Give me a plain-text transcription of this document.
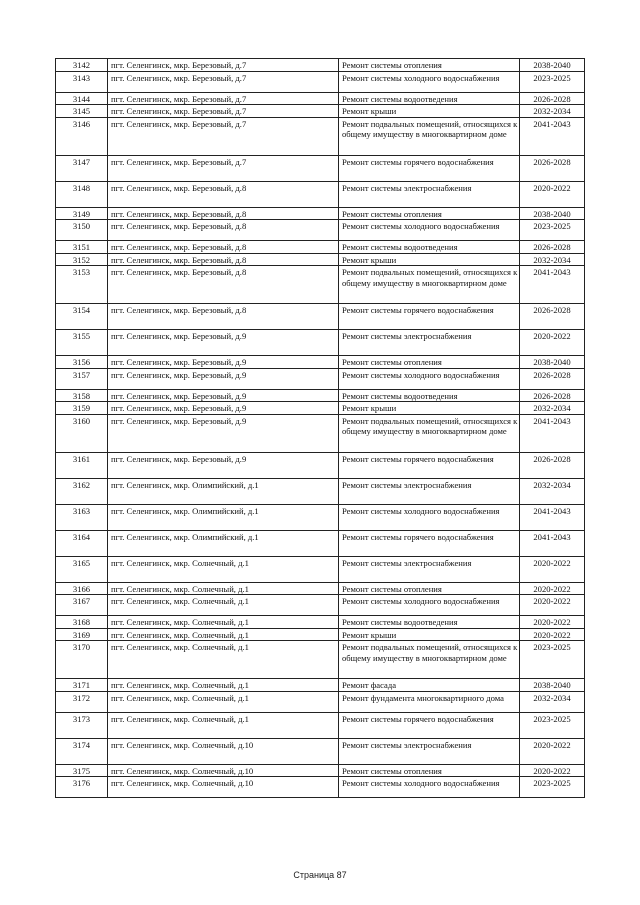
3142	пгт. Селенгинск, мкр. Березовый, д.7	Ремонт системы отопления	2038-2040
3143	пгт. Селенгинск, мкр. Березовый, д.7	Ремонт системы холодного водоснабжения	2023-2025
3144	пгт. Селенгинск, мкр. Березовый, д.7	Ремонт системы водоотведения	2026-2028
3145	пгт. Селенгинск, мкр. Березовый, д.7	Ремонт крыши	2032-2034
3146	пгт. Селенгинск, мкр. Березовый, д.7	Ремонт подвальных помещений, относящихся к общему имуществу в многоквартирном доме	2041-2043
3147	пгт. Селенгинск, мкр. Березовый, д.7	Ремонт системы горячего водоснабжения	2026-2028
3148	пгт. Селенгинск, мкр. Березовый, д.8	Ремонт системы электроснабжения	2020-2022
3149	пгт. Селенгинск, мкр. Березовый, д.8	Ремонт системы отопления	2038-2040
3150	пгт. Селенгинск, мкр. Березовый, д.8	Ремонт системы холодного водоснабжения	2023-2025
3151	пгт. Селенгинск, мкр. Березовый, д.8	Ремонт системы водоотведения	2026-2028
3152	пгт. Селенгинск, мкр. Березовый, д.8	Ремонт крыши	2032-2034
3153	пгт. Селенгинск, мкр. Березовый, д.8	Ремонт подвальных помещений, относящихся к общему имуществу в многоквартирном доме	2041-2043
3154	пгт. Селенгинск, мкр. Березовый, д.8	Ремонт системы горячего водоснабжения	2026-2028
3155	пгт. Селенгинск, мкр. Березовый, д.9	Ремонт системы электроснабжения	2020-2022
3156	пгт. Селенгинск, мкр. Березовый, д.9	Ремонт системы отопления	2038-2040
3157	пгт. Селенгинск, мкр. Березовый, д.9	Ремонт системы холодного водоснабжения	2026-2028
3158	пгт. Селенгинск, мкр. Березовый, д.9	Ремонт системы водоотведения	2026-2028
3159	пгт. Селенгинск, мкр. Березовый, д.9	Ремонт крыши	2032-2034
3160	пгт. Селенгинск, мкр. Березовый, д.9	Ремонт подвальных помещений, относящихся к общему имуществу в многоквартирном доме	2041-2043
3161	пгт. Селенгинск, мкр. Березовый, д.9	Ремонт системы горячего водоснабжения	2026-2028
3162	пгт. Селенгинск, мкр. Олимпийский, д.1	Ремонт системы электроснабжения	2032-2034
3163	пгт. Селенгинск, мкр. Олимпийский, д.1	Ремонт системы холодного водоснабжения	2041-2043
3164	пгт. Селенгинск, мкр. Олимпийский, д.1	Ремонт системы горячего водоснабжения	2041-2043
3165	пгт. Селенгинск, мкр. Солнечный, д.1	Ремонт системы электроснабжения	2020-2022
3166	пгт. Селенгинск, мкр. Солнечный, д.1	Ремонт системы отопления	2020-2022
3167	пгт. Селенгинск, мкр. Солнечный, д.1	Ремонт системы холодного водоснабжения	2020-2022
3168	пгт. Селенгинск, мкр. Солнечный, д.1	Ремонт системы водоотведения	2020-2022
3169	пгт. Селенгинск, мкр. Солнечный, д.1	Ремонт крыши	2020-2022
3170	пгт. Селенгинск, мкр. Солнечный, д.1	Ремонт подвальных помещений, относящихся к общему имуществу в многоквартирном доме	2023-2025
3171	пгт. Селенгинск, мкр. Солнечный, д.1	Ремонт фасада	2038-2040
3172	пгт. Селенгинск, мкр. Солнечный, д.1	Ремонт фундамента многоквартирного дома	2032-2034
3173	пгт. Селенгинск, мкр. Солнечный, д.1	Ремонт системы горячего водоснабжения	2023-2025
3174	пгт. Селенгинск, мкр. Солнечный, д.10	Ремонт системы электроснабжения	2020-2022
3175	пгт. Селенгинск, мкр. Солнечный, д.10	Ремонт системы отопления	2020-2022
3176	пгт. Селенгинск, мкр. Солнечный, д.10	Ремонт системы холодного водоснабжения	2023-2025
Страница 87
